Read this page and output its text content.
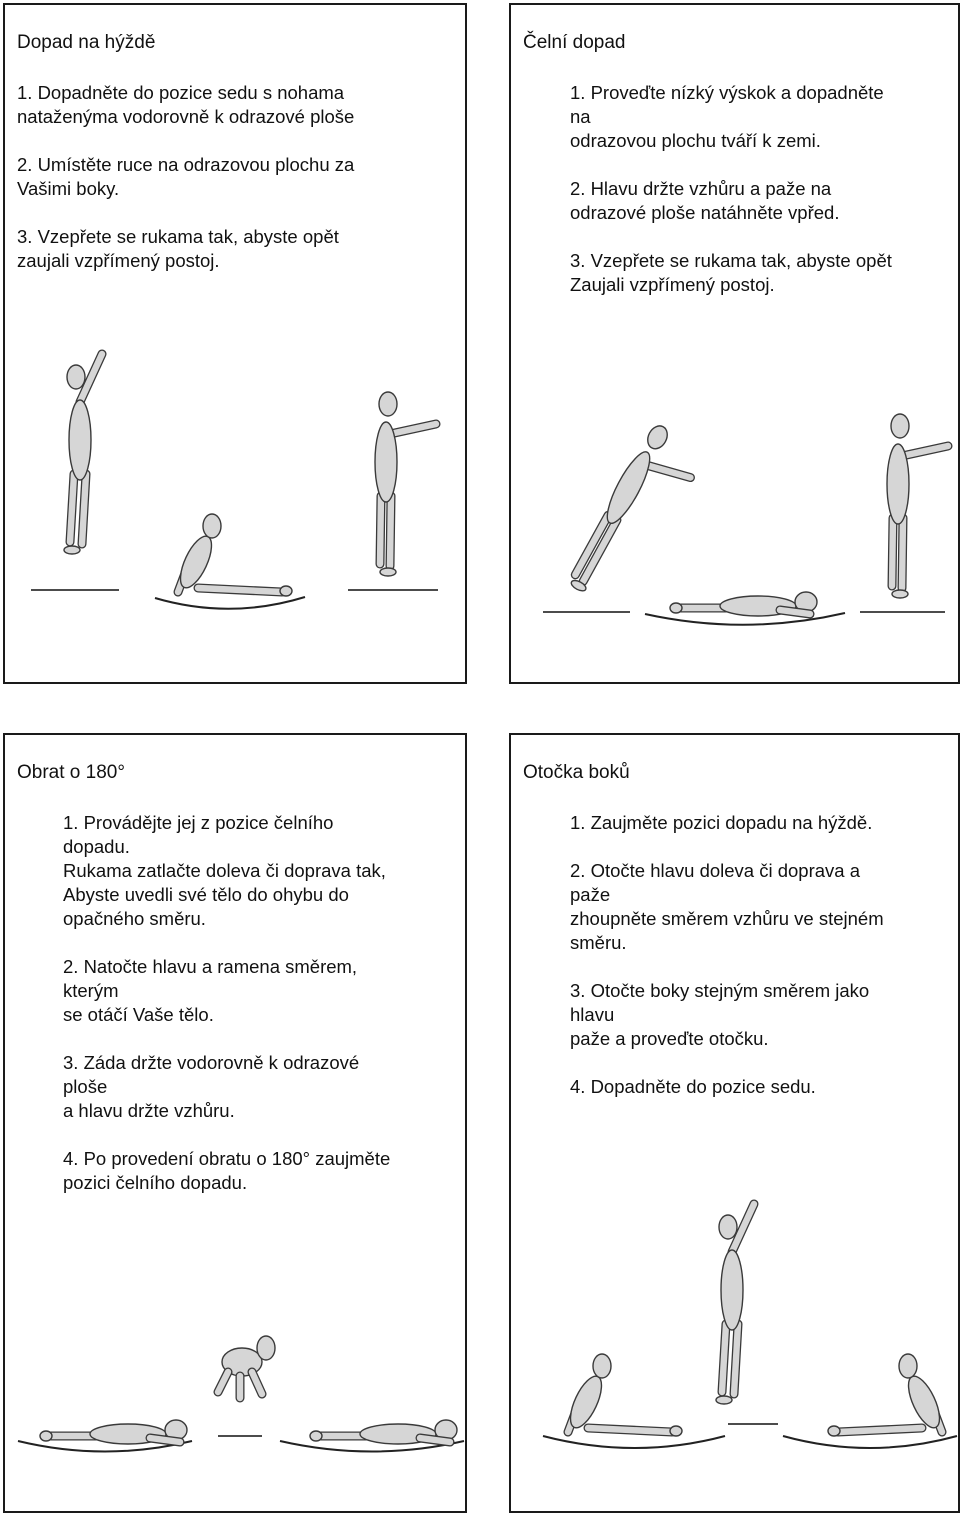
Dopad na hýždě
1. Dopadněte do pozice sedu s nohama
nataženýma vodorovně k odrazové ploše
2. Umístěte ruce na odrazovou plochu za
Vašimi boky.
3. Vzepřete se rukama tak, abyste opět
zaujali vzpřímený postoj.
Čelní dopad
1. Proveďte nízký výskok a dopadněte
na
odrazovou plochu tváří k zemi.
2. Hlavu držte vzhůru a paže na
odrazové ploše natáhněte vpřed.
3. Vzepřete se rukama tak, abyste opět
Zaujali vzpřímený postoj.
Obrat o 180°
1. Provádějte jej z pozice čelního
dopadu.
Rukama zatlačte doleva či doprava tak,
Abyste uvedli své tělo do ohybu do
opačného směru.
2. Natočte hlavu a ramena směrem,
kterým
se otáčí Vaše tělo.
3. Záda držte vodorovně k odrazové
ploše
a hlavu držte vzhůru.
4. Po provedení obratu o 180° zaujměte
pozici čelního dopadu.
Otočka boků
1. Zaujměte pozici dopadu na hýždě.
2. Otočte hlavu doleva či doprava a
paže
zhoupněte směrem vzhůru ve stejném
směru.
3. Otočte boky stejným směrem jako
hlavu
paže a proveďte otočku.
4. Dopadněte do pozice sedu.
